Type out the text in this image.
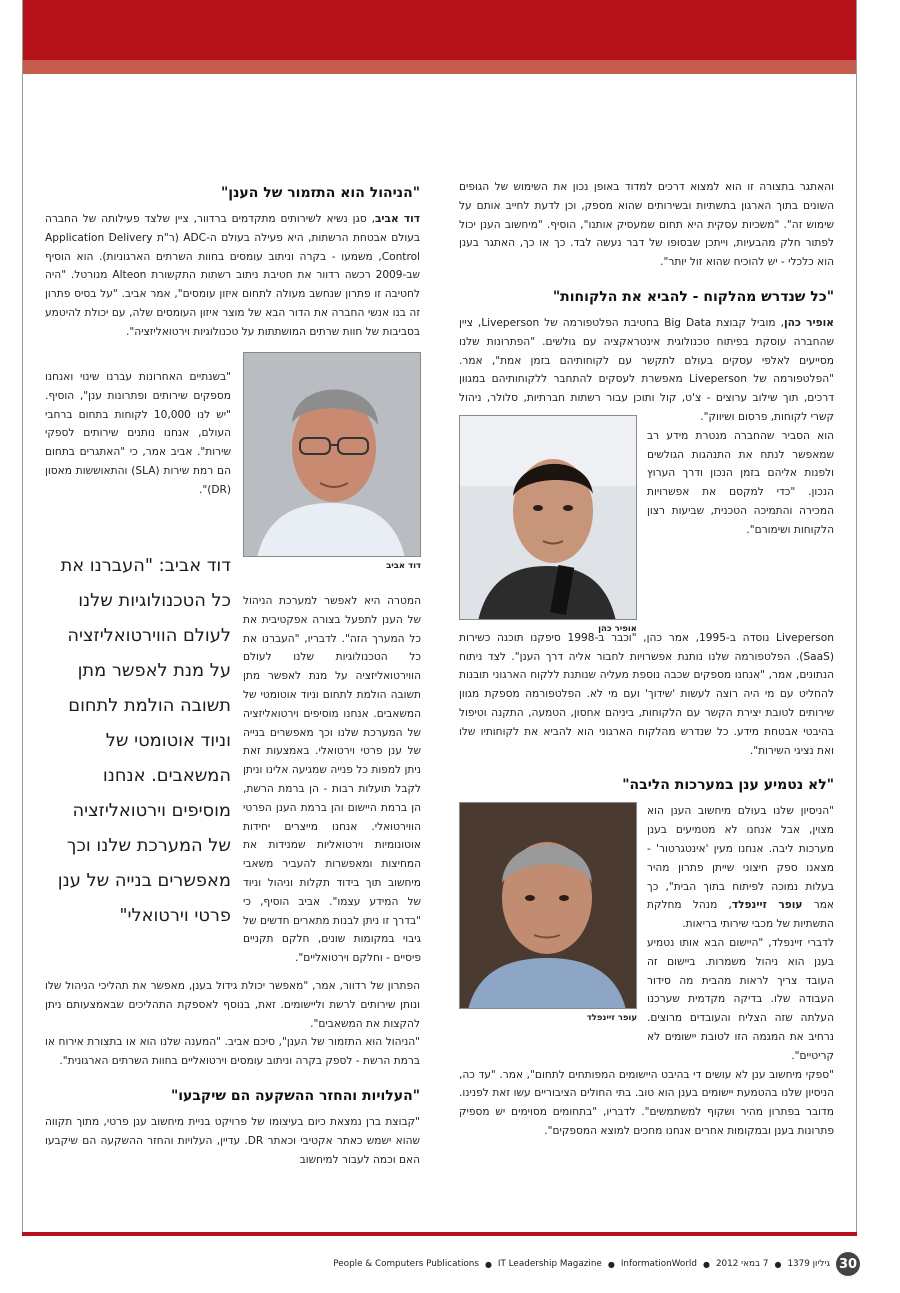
והאתגר בתצורה זו הוא למצוא דרכים למדוד באופן נכון את השימוש של הגופים השונים בתוך הארגון בתשתיות ובשירותים שהוא מספק, וכן לדעת לחייב אותם על שימוש זה". "משכיות עסקית היא תחום שמעסיק אותנו", הוסיף. "מיחשוב הענן יכול לפתור חלק מהבעיות, וייתכן שבסופו של דבר נעשה לבד. כך או כך, האתגר בענן הוא כלכלי - יש להוכיח שהוא זול יותר".

"כל שנדרש מהלקוח - להביא את הלקוחות"

אופיר כהן, מוביל קבוצת Big Data בחטיבת הפלטפורמה של Liveperson, ציין שהחברה עוסקת בפיתוח טכנולוגית אינטראקציה עם גולשים. "הפתרונות שלנו מסייעים לאלפי עסקים בעולם לתקשר עם לקוחותיהם בזמן אמת", אמר. "הפלטפורמה של Liveperson מאפשרת לעסקים להתחבר ללקוחותיהם במגוון דרכים, תוך שילוב ערוצים - צ'ט, קול ותוכן עבור רשתות חברתיות, סלולר, ניהול קשרי לקוחות, פרסום ושיווק".

הוא הסביר שהחברה מנטרת מידע רב שמאפשר לנתח את התנהגות הגולשים ולפנות אליהם בזמן הנכון ודרך הערוץ הנכון. "כדי למקסם את אפשרויות המכירה והתמיכה הטכנית, שביעות רצון הלקוחות ושימורם".

אופיר כהן

Liveperson נוסדה ב-1995, אמר כהן, "וכבר ב-1998 סיפקנו תוכנה כשירות (SaaS). הפלטפורמה שלנו נותנת אפשרויות לחבור אליה דרך הענן". לצד ניתוח הנתונים, אמר, "אנחנו מספקים שכבה נוספת מעליה שנותנת ללקוח הארגוני תובנות להחליט עם מי היה רוצה לעשות 'שידוך' ועם מי לא. הפלטפורמה מספקת מגוון שירותים לטובת יצירת הקשר עם הלקוחות, ביניהם אחסון, הטמעה, התקנה וטיפול בהיבטי אבטחת מידע. כל שנדרש מהלקוח הארגוני הוא להביא את לקוחותיו שלו ואת נציגי השירות".

"לא נטמיע ענן במערכות הליבה"

"הניסיון שלנו בעולם מיחשוב הענן הוא מצוין, אבל אנחנו לא מטמיעים בענן מערכות ליבה. אנחנו מעין 'אינטגרטור' - מצאנו ספק חיצוני שייתן פתרון מהיר בעלות נמוכה לפיתוח בתוך הבית", כך אמר עופר זיינפלד, מנהל מחלקת התשתיות של מכבי שירותי בריאות.

לדברי זיינפלד, "היישום הבא אותו נטמיע בענן הוא ניהול משמרות. ביישום זה העובד צריך לראות מהבית מה סידור העבודה שלו. בדיקה מקדמית שערכנו העלתה שזה הצליח והעובדים מרוצים. נרחיב את המגמה הזו לטובת יישומים לא קריטיים".

עופר זיינפלד

"ספקי מיחשוב ענן לא עושים די בהיבט היישומים המפותחים לתחום", אמר. "עד כה, הניסיון שלנו בהטמעת יישומים בענן הוא טוב. בתי החולים הציבוריים עשו זאת לפנינו. מדובר בפתרון מהיר ושקוף למשתמשים". לדבריו, "בתחומים מסוימים יש מספיק פתרונות בענן ובמקומות אחרים אנחנו מחכים למוצא המספקים".

"הניהול הוא התזמור של הענן"

דוד אביב, סגן נשיא לשירותים מתקדמים ברדוור, ציין שלצד פעילותה של החברה בעולם אבטחת הרשתות, היא פעילה בעולם ה-ADC (ר"ת Application Delivery Control, משמעו - בקרה וניתוב עומסים בחוות השרתים הארגוניות). הוא הוסיף שב-2009 רכשה רדוור את חטיבת ניתוב רשתות התקשורת Alteon מנורטל. "היה לחטיבה זו פתרון שנחשב מעולה לתחום איזון עומסים", אמר אביב. "על בסיס פתרון זה בנו אנשי החברה את הדור הבא של מוצר איזון העומסים שלה, עם יכולת להיטמע בסביבות של חוות שרתים המושתתות על טכנולוגיות וירטואליזציה".

דוד אביב

"בשנתיים האחרונות עברנו שינוי ואנחנו מספקים שירותים ופתרונות ענן", הוסיף. "יש לנו 10,000 לקוחות בתחום ברחבי העולם, אנחנו נותנים שירותים לספקי שירות". אביב אמר, כי "האתגרים בתחום הם רמת שירות (SLA) והתאוששות מאסון (DR)".

דוד אביב: "העברנו את כל הטכנולוגיות שלנו לעולם הווירטואליזציה על מנת לאפשר מתן תשובה הולמת לתחום וניוד אוטומטי של המשאבים. אנחנו מוסיפים וירטואליזציה של המערכת שלנו וכך מאפשרים בנייה של ענן פרטי וירטואלי"

המטרה היא לאפשר למערכת הניהול של הענן לתפעל בצורה אפקטיבית את כל המערך הזה". לדבריו, "העברנו את כל הטכנולוגיות שלנו לעולם הווירטואליזציה על מנת לאפשר מתן תשובה הולמת לתחום וניוד אוטומטי של המשאבים. אנחנו מוסיפים וירטואליזציה של המערכת שלנו וכך מאפשרים בנייה של ענן פרטי וירטואלי. באמצעות זאת ניתן למפות כל פנייה שמגיעה אלינו וניתן לקבל תועלות רבות - הן ברמת הרשת, הן ברמת היישום והן ברמת הענן הפרטי הווירטואלי. אנחנו מייצרים יחידות אוטונומיות וירטואליות שמנידות את המחיצות ומאפשרות להעביר משאבי מיחשוב תוך בידוד תקלות וניהול וניוד של המידע עצמו". אביב הוסיף, כי "בדרך זו ניתן לבנות מתארים חדשים של גיבוי במקומות שונים, חלקם תקניים פיסיים - וחלקם וירטואליים".

הפתרון של רדוור, אמר, "מאפשר יכולת גידול בענן, מאפשר את תהליכי הניהול שלו ונותן שירותים לרשת וליישומים. זאת, בנוסף לאספקת התהליכים שבאמצעותם ניתן להקצות את המשאבים".

"הניהול הוא התזמור של הענן", סיכם אביב. "המענה שלנו הוא או בתצורת אירוח או ברמת הרשת - לספק בקרה וניתוב עומסים וירטואליים בחוות השרתים הארגונית".

"העלויות והחזר ההשקעה הם שיקבעו"

"קבוצת ברן נמצאת כיום בעיצומו של פרויקט בניית מיחשוב ענן פרטי, מתוך תקווה שהוא ישמש כאתר אקטיבי וכאתר DR. עדיין, העלויות והחזר ההשקעה הם שיקבעו האם וכמה לעבור למיחשוב

People & Computers Publications ● IT Leadership Magazine ● InformationWorld ● 7 במאי 2012 ● גיליון 1379 30
